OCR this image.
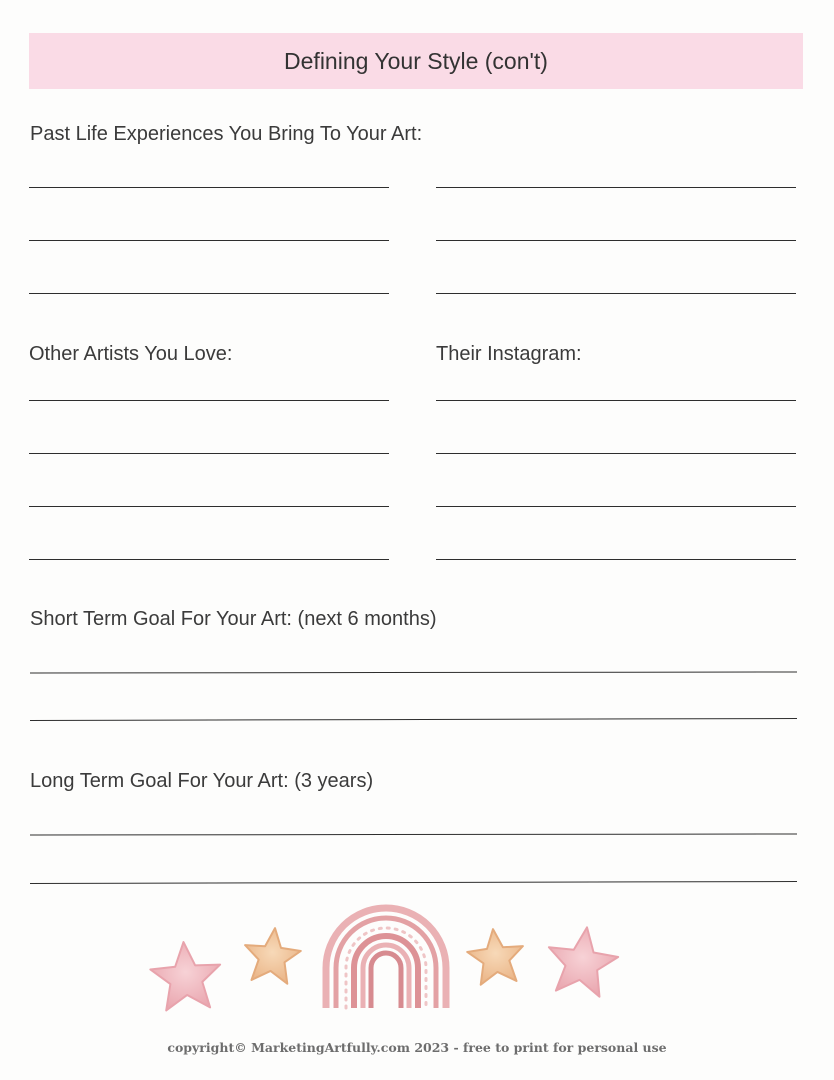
Defining Your Style (con't)
Past Life Experiences You Bring To Your Art:
Other Artists You Love:	Their Instagram:
Short Term Goal For Your Art: (next 6 months)
Long Term Goal For Your Art: (3 years)
copyright© MarketingArtfully.com 2023 - free to print for personal use
